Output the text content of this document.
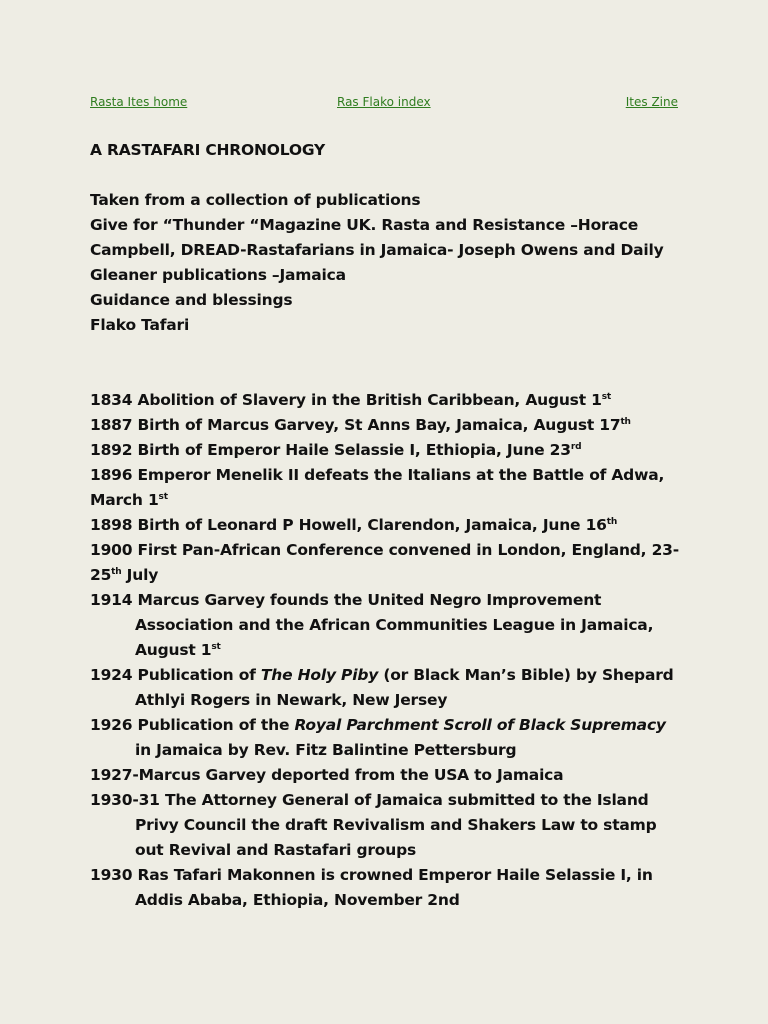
Rasta Ites home	Ras Flako index	Ites Zine

A RASTAFARI CHRONOLOGY

Taken from a collection of publications

Give for “Thunder “Magazine UK. Rasta and Resistance –Horace Campbell, DREAD-Rastafarians in Jamaica- Joseph Owens and Daily Gleaner publications –Jamaica

Guidance and blessings

Flako Tafari

1834 Abolition of Slavery in the British Caribbean, August 1st

1887 Birth of Marcus Garvey, St Anns Bay, Jamaica, August 17th

1892 Birth of Emperor Haile Selassie I, Ethiopia, June 23rd

1896 Emperor Menelik II defeats the Italians at the Battle of Adwa, March 1st

1898 Birth of Leonard P Howell, Clarendon, Jamaica, June 16th

1900 First Pan-African Conference convened in London, England, 23-25th July

1914 Marcus Garvey founds the United Negro Improvement Association and the African Communities League in Jamaica, August 1st

1924 Publication of The Holy Piby (or Black Man’s Bible) by Shepard Athlyi Rogers in Newark, New Jersey

1926 Publication of the Royal Parchment Scroll of Black Supremacy in Jamaica by Rev. Fitz Balintine Pettersburg

1927-Marcus Garvey deported from the USA to Jamaica

1930-31 The Attorney General of Jamaica submitted to the Island Privy Council the draft Revivalism and Shakers Law to stamp out Revival and Rastafari groups

1930 Ras Tafari Makonnen is crowned Emperor Haile Selassie I, in Addis Ababa, Ethiopia, November 2nd
